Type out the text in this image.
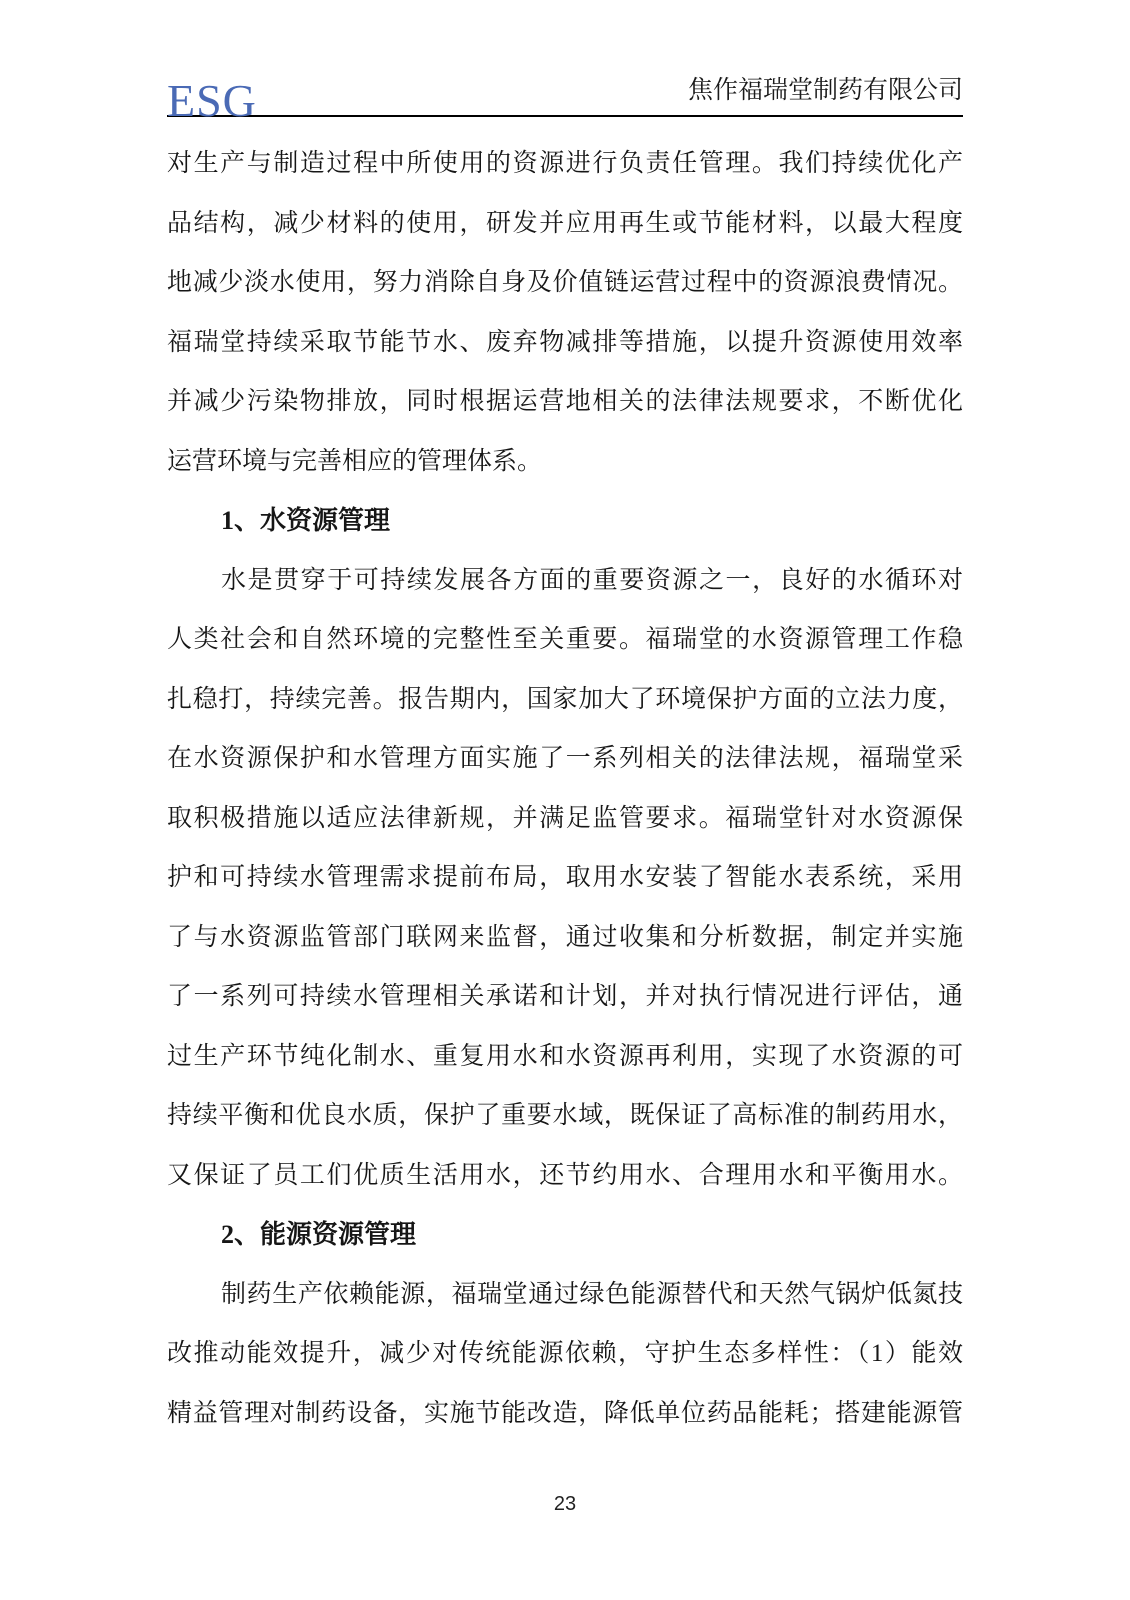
ESG	焦作福瑞堂制药有限公司
对生产与制造过程中所使用的资源进行负责任管理。我们持续优化产
品结构，减少材料的使用，研发并应用再生或节能材料，以最大程度
地减少淡水使用，努力消除自身及价值链运营过程中的资源浪费情况。
福瑞堂持续采取节能节水、废弃物减排等措施，以提升资源使用效率
并减少污染物排放，同时根据运营地相关的法律法规要求，不断优化
运营环境与完善相应的管理体系。
1、水资源管理
水是贯穿于可持续发展各方面的重要资源之一，良好的水循环对
人类社会和自然环境的完整性至关重要。福瑞堂的水资源管理工作稳
扎稳打，持续完善。报告期内，国家加大了环境保护方面的立法力度，
在水资源保护和水管理方面实施了一系列相关的法律法规，福瑞堂采
取积极措施以适应法律新规，并满足监管要求。福瑞堂针对水资源保
护和可持续水管理需求提前布局，取用水安装了智能水表系统，采用
了与水资源监管部门联网来监督，通过收集和分析数据，制定并实施
了一系列可持续水管理相关承诺和计划，并对执行情况进行评估，通
过生产环节纯化制水、重复用水和水资源再利用，实现了水资源的可
持续平衡和优良水质，保护了重要水域，既保证了高标准的制药用水，
又保证了员工们优质生活用水，还节约用水、合理用水和平衡用水。
2、能源资源管理
制药生产依赖能源，福瑞堂通过绿色能源替代和天然气锅炉低氮技
改推动能效提升，减少对传统能源依赖，守护生态多样性：（1）能效
精益管理对制药设备，实施节能改造，降低单位药品能耗；搭建能源管
23
